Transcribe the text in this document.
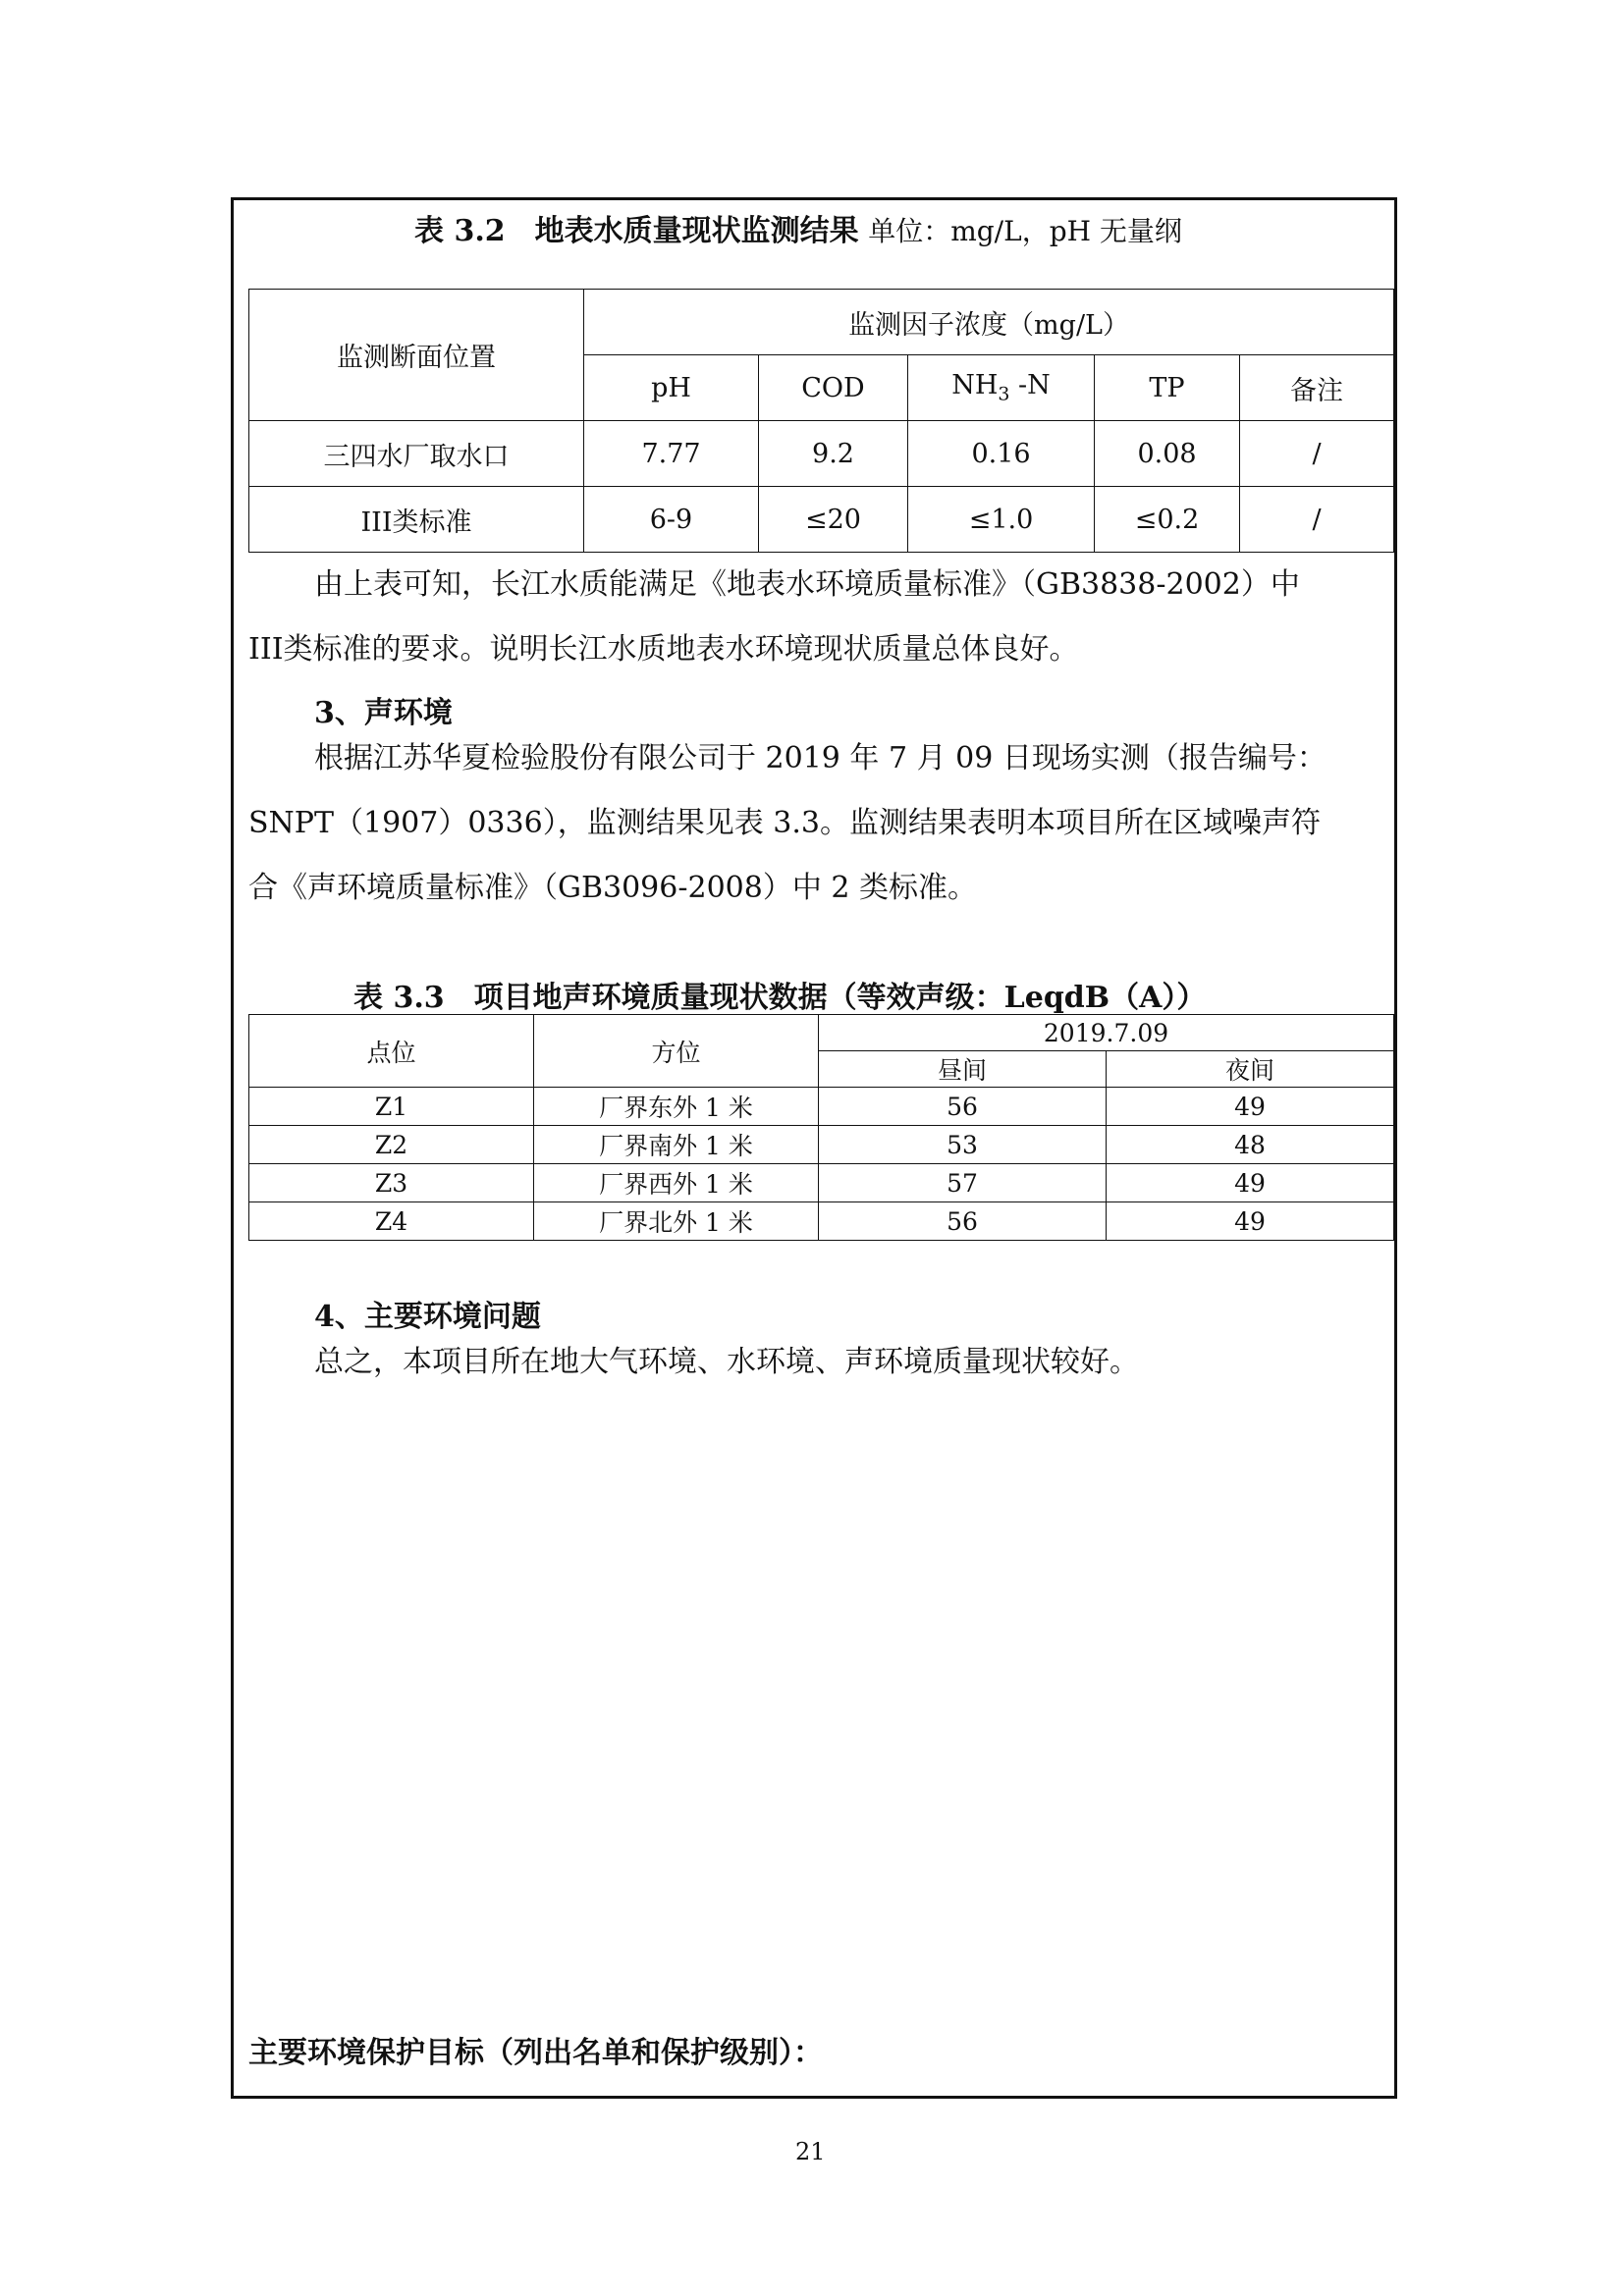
表 3.2　地表水质量现状监测结果 单位：mg/L，pH 无量纲
监测断面位置	监测因子浓度（mg/L）				
	pH	COD	$NH_3$ -N	TP	备注
三四水厂取水口	7.77	9.2	0.16	0.08	/
III类标准	6-9	≤20	≤1.0	≤0.2	/
由上表可知，长江水质能满足《地表水环境质量标准》（GB3838-2002）中
III类标准的要求。说明长江水质地表水环境现状质量总体良好。
3、声环境
根据江苏华夏检验股份有限公司于 2019 年 7 月 09 日现场实测（报告编号：
SNPT（1907）0336），监测结果见表 3.3。监测结果表明本项目所在区域噪声符
合《声环境质量标准》（GB3096-2008）中 2 类标准。
表 3.3　项目地声环境质量现状数据（等效声级：LeqdB（A））
点位	方位	2019.7.09	
		昼间	夜间
Z1	厂界东外 1 米	56	49
Z2	厂界南外 1 米	53	48
Z3	厂界西外 1 米	57	49
Z4	厂界北外 1 米	56	49
4、主要环境问题
总之，本项目所在地大气环境、水环境、声环境质量现状较好。
主要环境保护目标（列出名单和保护级别）：
21
